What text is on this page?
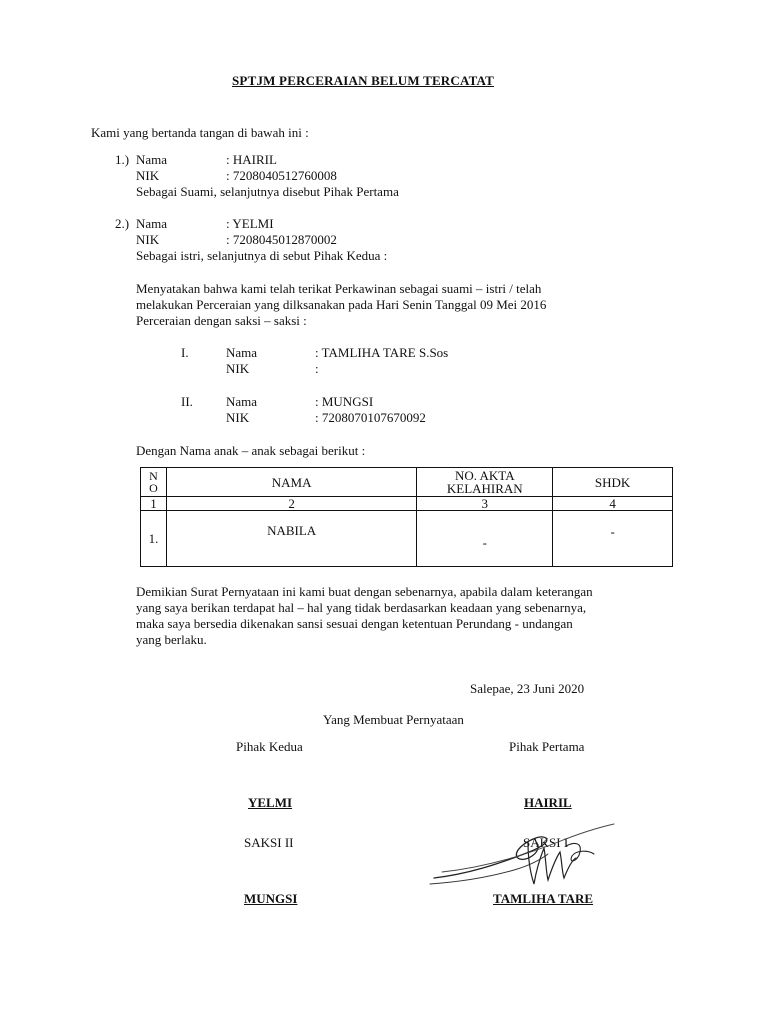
SPTJM PERCERAIAN BELUM TERCATAT
Kami yang bertanda tangan di bawah ini :
1.) Nama	: HAIRIL
NIK	: 7208040512760008
Sebagai Suami, selanjutnya disebut Pihak Pertama
2.) Nama	: YELMI
NIK	: 7208045012870002
Sebagai istri, selanjutnya di sebut Pihak Kedua :
Menyatakan bahwa kami telah terikat Perkawinan sebagai suami – istri / telah
melakukan Perceraian yang dilksanakan pada Hari Senin Tanggal 09 Mei 2016
Perceraian dengan saksi – saksi :
I.	Nama	: TAMLIHA TARE S.Sos
NIK	:
II.	Nama	: MUNGSI
NIK	: 7208070107670092
Dengan Nama anak – anak sebagai berikut :
N O	NAMA	NO. AKTA KELAHIRAN	SHDK
1	2	3	4
1.	NABILA	-	-
Demikian Surat Pernyataan ini kami buat dengan sebenarnya, apabila dalam keterangan
yang saya berikan terdapat hal – hal yang tidak berdasarkan keadaan yang sebenarnya,
maka saya bersedia dikenakan sansi sesuai dengan ketentuan Perundang - undangan
yang berlaku.
Salepae, 23 Juni 2020
Yang Membuat Pernyataan
Pihak Kedua	Pihak Pertama
YELMI	HAIRIL
SAKSI II	SAKSI I
MUNGSI	TAMLIHA TARE
